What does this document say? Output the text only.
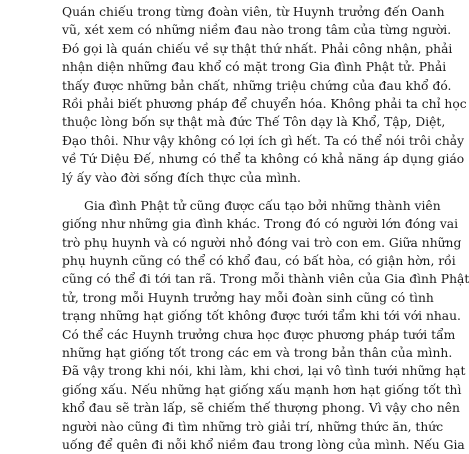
Quán chiếu trong từng đoàn viên, từ Huynh trưởng đến Oanh
vũ, xét xem có những niềm đau nào trong tâm của từng người.
Đó gọi là quán chiếu về sự thật thứ nhất. Phải công nhận, phải
nhận diện những đau khổ có mặt trong Gia đình Phật tử. Phải
thấy được những bản chất, những triệu chứng của đau khổ đó.
Rồi phải biết phương pháp để chuyển hóa. Không phải ta chỉ học
thuộc lòng bốn sự thật mà đức Thế Tôn dạy là Khổ, Tập, Diệt,
Đạo thôi. Như vậy không có lợi ích gì hết. Ta có thể nói trôi chảy
về Tứ Diệu Đế, nhưng có thể ta không có khả năng áp dụng giáo
lý ấy vào đời sống đích thực của mình.
Gia đình Phật tử cũng được cấu tạo bởi những thành viên
giống như những gia đình khác. Trong đó có người lớn đóng vai
trò phụ huynh và có người nhỏ đóng vai trò con em. Giữa những
phụ huynh cũng có thể có khổ đau, có bất hòa, có giận hờn, rồi
cũng có thể đi tới tan rã. Trong mỗi thành viên của Gia đình Phật
tử, trong mỗi Huynh trưởng hay mỗi đoàn sinh cũng có tình
trạng những hạt giống tốt không được tưới tẩm khi tới với nhau.
Có thể các Huynh trưởng chưa học được phương pháp tưới tẩm
những hạt giống tốt trong các em và trong bản thân của mình.
Đã vậy trong khi nói, khi làm, khi chơi, lại vô tình tưới những hạt
giống xấu. Nếu những hạt giống xấu mạnh hơn hạt giống tốt thì
khổ đau sẽ tràn lấp, sẽ chiếm thế thượng phong. Vì vậy cho nên
người nào cũng đi tìm những trò giải trí, những thức ăn, thức
uống để quên đi nỗi khổ niềm đau trong lòng của mình. Nếu Gia
